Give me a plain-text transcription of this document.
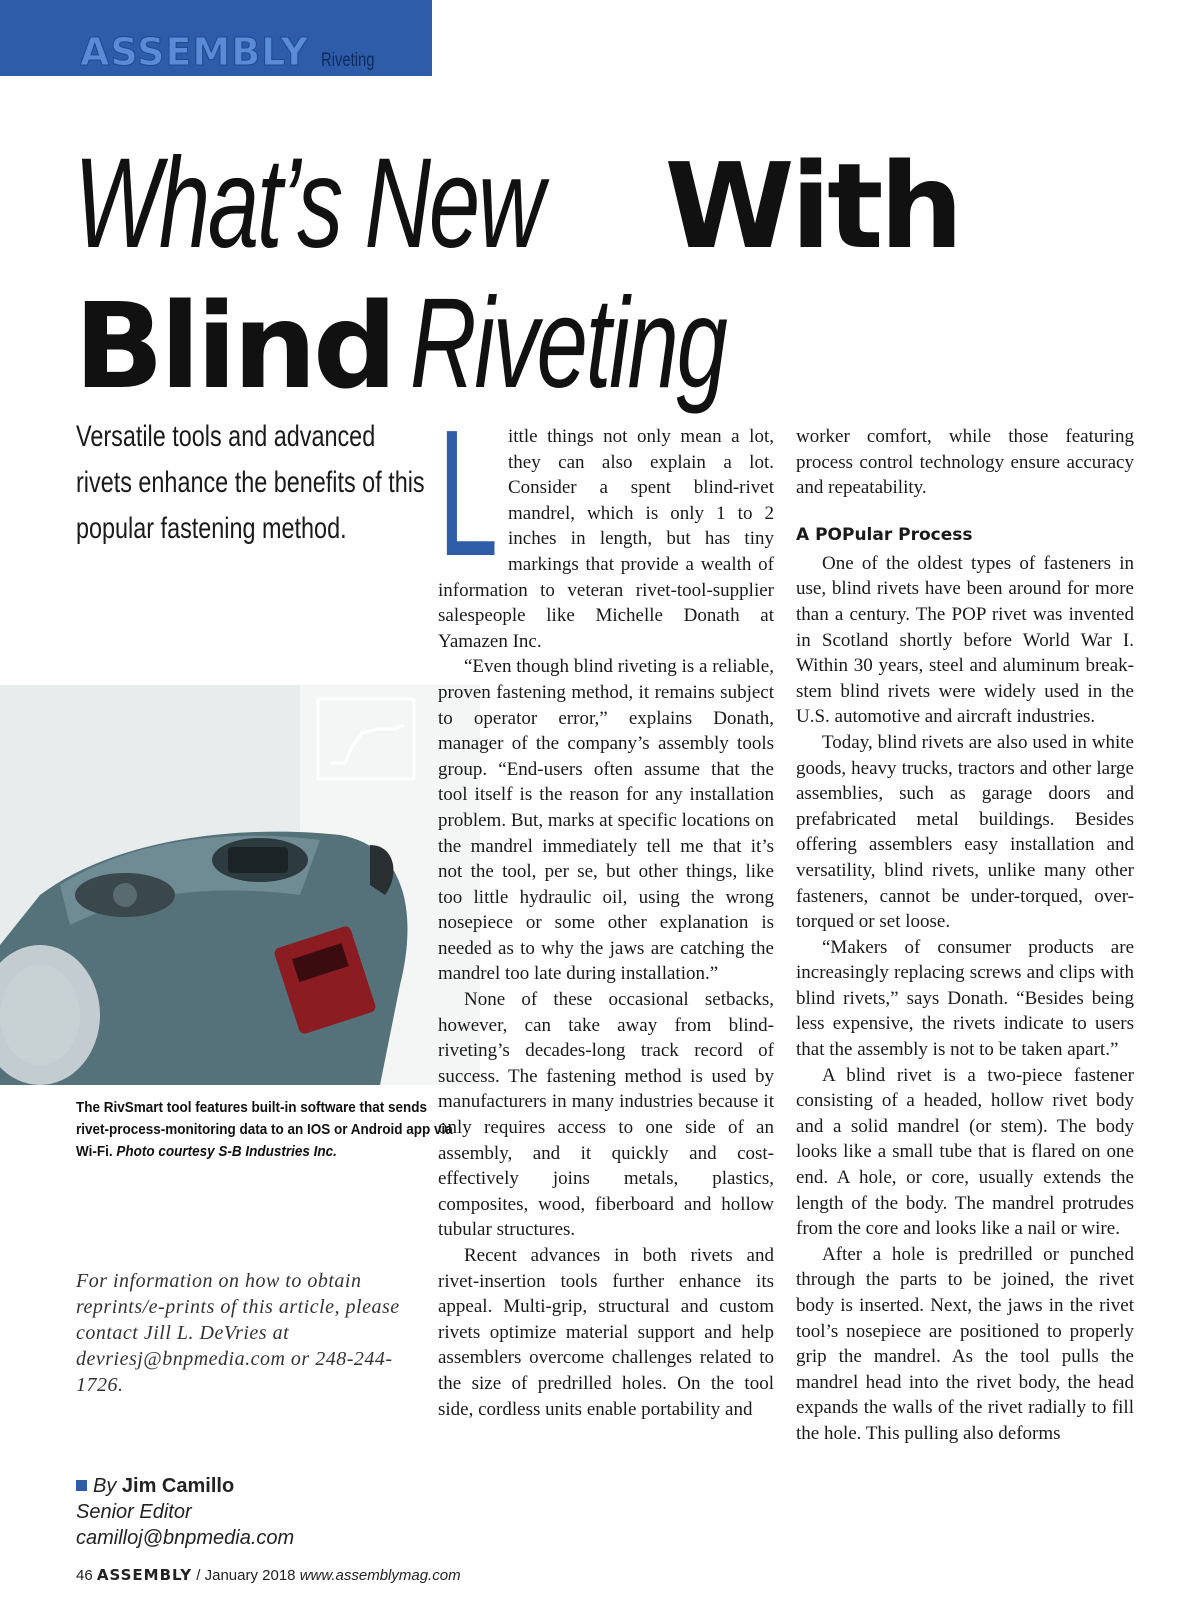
ASSEMBLY Riveting
What’s New With
Blind Riveting
Versatile tools and advanced rivets enhance the benefits of this popular fastening method.
The RivSmart tool features built-in software that sends rivet-process-monitoring data to an IOS or Android app via Wi-Fi. Photo courtesy S-B Industries Inc.
For information on how to obtain reprints/e-prints of this article, please contact Jill L. DeVries at devriesj@bnpmedia.com or 248-244-1726.
By Jim Camillo
Senior Editor
camilloj@bnpmedia.com
L ittle things not only mean a lot, they can also explain a lot. Consider a spent blind-rivet mandrel, which is only 1 to 2 inches in length, but has tiny markings that provide a wealth of information to veteran rivet-tool-supplier salespeople like Michelle Donath at Yamazen Inc.

“Even though blind riveting is a reliable, proven fastening method, it remains subject to operator error,” explains Donath, manager of the company’s assembly tools group. “End-users often assume that the tool itself is the reason for any installation problem. But, marks at specific locations on the mandrel immediately tell me that it’s not the tool, per se, but other things, like too little hydraulic oil, using the wrong nosepiece or some other explanation is needed as to why the jaws are catching the mandrel too late during installation.”

None of these occasional setbacks, however, can take away from blind-riveting’s decades-long track record of success. The fastening method is used by manufacturers in many industries because it only requires access to one side of an assembly, and it quickly and cost-effectively joins metals, plastics, composites, wood, fiberboard and hollow tubular structures.

Recent advances in both rivets and rivet-insertion tools further enhance its appeal. Multi-grip, structural and custom rivets optimize material support and help assemblers overcome challenges related to the size of predrilled holes. On the tool side, cordless units enable portability and

worker comfort, while those featuring process control technology ensure accuracy and repeatability.

A POPular Process

One of the oldest types of fasteners in use, blind rivets have been around for more than a century. The POP rivet was invented in Scotland shortly before World War I. Within 30 years, steel and aluminum break-stem blind rivets were widely used in the U.S. automotive and aircraft industries.

Today, blind rivets are also used in white goods, heavy trucks, tractors and other large assemblies, such as garage doors and prefabricated metal buildings. Besides offering assemblers easy installation and versatility, blind rivets, unlike many other fasteners, cannot be under-torqued, over-torqued or set loose.

“Makers of consumer products are increasingly replacing screws and clips with blind rivets,” says Donath. “Besides being less expensive, the rivets indicate to users that the assembly is not to be taken apart.”

A blind rivet is a two-piece fastener consisting of a headed, hollow rivet body and a solid mandrel (or stem). The body looks like a small tube that is flared on one end. A hole, or core, usually extends the length of the body. The mandrel protrudes from the core and looks like a nail or wire.

After a hole is predrilled or punched through the parts to be joined, the rivet body is inserted. Next, the jaws in the rivet tool’s nosepiece are positioned to properly grip the mandrel. As the tool pulls the mandrel head into the rivet body, the head expands the walls of the rivet radially to fill the hole. This pulling also deforms

46 ASSEMBLY / January 2018 www.assemblymag.com
